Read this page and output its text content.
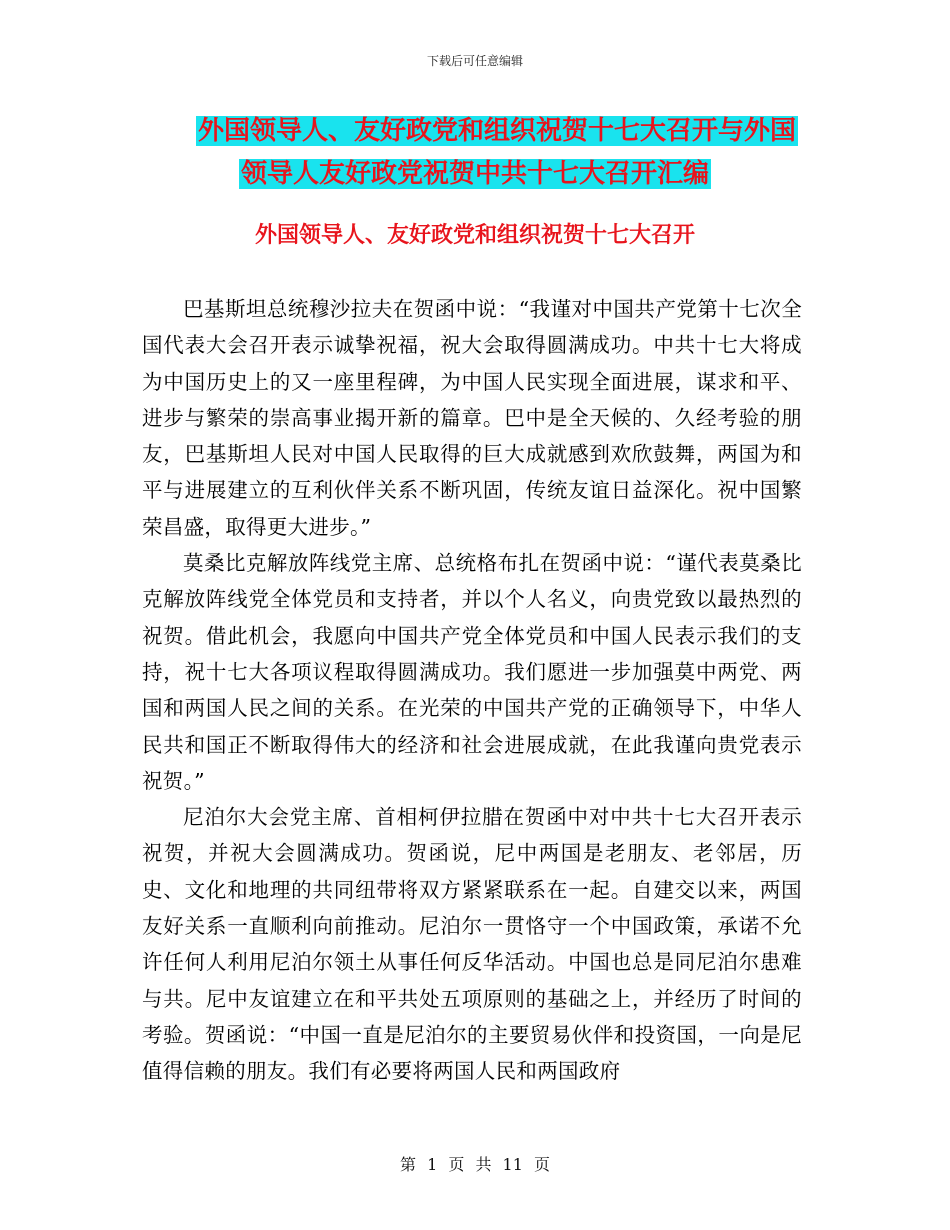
下载后可任意编辑
外国领导人、友好政党和组织祝贺十七大召开与外国
领导人友好政党祝贺中共十七大召开汇编
外国领导人、友好政党和组织祝贺十七大召开

巴基斯坦总统穆沙拉夫在贺函中说：“我谨对中国共产党第十七次全国代表大会召开表示诚挚祝福，祝大会取得圆满成功。中共十七大将成为中国历史上的又一座里程碑，为中国人民实现全面进展，谋求和平、进步与繁荣的崇高事业揭开新的篇章。巴中是全天候的、久经考验的朋友，巴基斯坦人民对中国人民取得的巨大成就感到欢欣鼓舞，两国为和平与进展建立的互利伙伴关系不断巩固，传统友谊日益深化。祝中国繁荣昌盛，取得更大进步。”

莫桑比克解放阵线党主席、总统格布扎在贺函中说：“谨代表莫桑比克解放阵线党全体党员和支持者，并以个人名义，向贵党致以最热烈的祝贺。借此机会，我愿向中国共产党全体党员和中国人民表示我们的支持，祝十七大各项议程取得圆满成功。我们愿进一步加强莫中两党、两国和两国人民之间的关系。在光荣的中国共产党的正确领导下，中华人民共和国正不断取得伟大的经济和社会进展成就，在此我谨向贵党表示祝贺。”

尼泊尔大会党主席、首相柯伊拉腊在贺函中对中共十七大召开表示祝贺，并祝大会圆满成功。贺函说，尼中两国是老朋友、老邻居，历史、文化和地理的共同纽带将双方紧紧联系在一起。自建交以来，两国友好关系一直顺利向前推动。尼泊尔一贯恪守一个中国政策，承诺不允许任何人利用尼泊尔领土从事任何反华活动。中国也总是同尼泊尔患难与共。尼中友谊建立在和平共处五项原则的基础之上，并经历了时间的考验。贺函说：“中国一直是尼泊尔的主要贸易伙伴和投资国，一向是尼值得信赖的朋友。我们有必要将两国人民和两国政府

第 1 页 共 11 页
